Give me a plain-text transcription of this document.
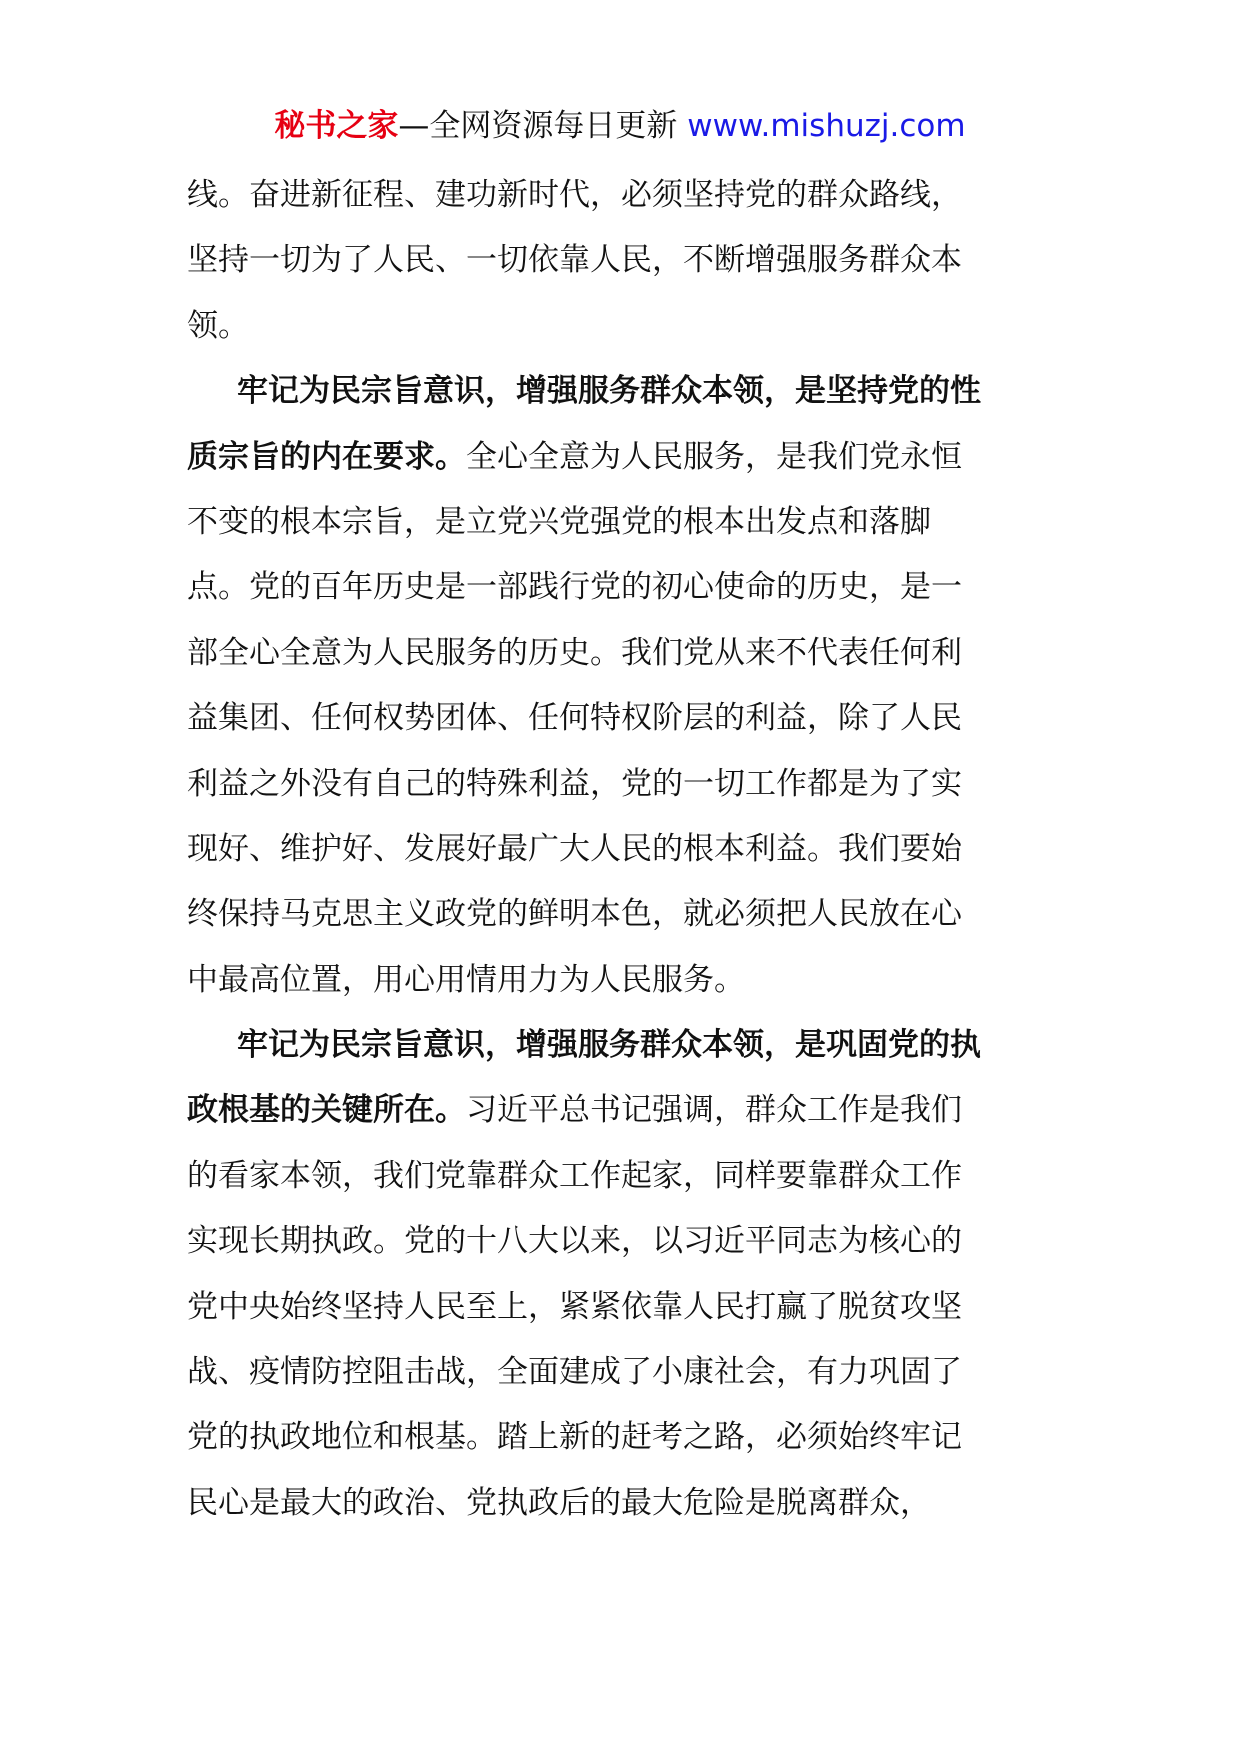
秘书之家—全网资源每日更新 www.mishuzj.com
线。奋进新征程、建功新时代，必须坚持党的群众路线，
坚持一切为了人民、一切依靠人民，不断增强服务群众本
领。
牢记为民宗旨意识，增强服务群众本领，是坚持党的性
质宗旨的内在要求。全心全意为人民服务，是我们党永恒
不变的根本宗旨，是立党兴党强党的根本出发点和落脚
点。党的百年历史是一部践行党的初心使命的历史，是一
部全心全意为人民服务的历史。我们党从来不代表任何利
益集团、任何权势团体、任何特权阶层的利益，除了人民
利益之外没有自己的特殊利益，党的一切工作都是为了实
现好、维护好、发展好最广大人民的根本利益。我们要始
终保持马克思主义政党的鲜明本色，就必须把人民放在心
中最高位置，用心用情用力为人民服务。
牢记为民宗旨意识，增强服务群众本领，是巩固党的执
政根基的关键所在。习近平总书记强调，群众工作是我们
的看家本领，我们党靠群众工作起家，同样要靠群众工作
实现长期执政。党的十八大以来，以习近平同志为核心的
党中央始终坚持人民至上，紧紧依靠人民打赢了脱贫攻坚
战、疫情防控阻击战，全面建成了小康社会，有力巩固了
党的执政地位和根基。踏上新的赶考之路，必须始终牢记
民心是最大的政治、党执政后的最大危险是脱离群众，
